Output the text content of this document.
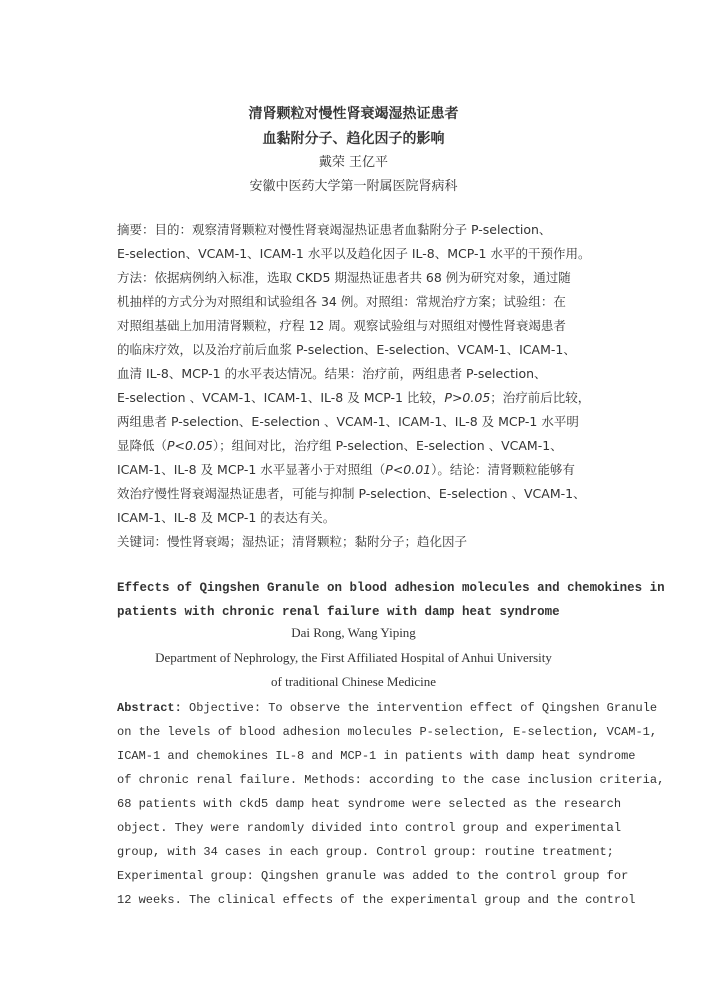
清肾颗粒对慢性肾衰竭湿热证患者
血黏附分子、趋化因子的影响
戴荣 王亿平
安徽中医药大学第一附属医院肾病科
摘要：目的：观察清肾颗粒对慢性肾衰竭湿热证患者血黏附分子 P-selection、
E-selection、VCAM-1、ICAM-1 水平以及趋化因子 IL-8、MCP-1 水平的干预作用。
方法：依据病例纳入标准，选取 CKD5 期湿热证患者共 68 例为研究对象，通过随
机抽样的方式分为对照组和试验组各 34 例。对照组：常规治疗方案；试验组：在
对照组基础上加用清肾颗粒，疗程 12 周。观察试验组与对照组对慢性肾衰竭患者
的临床疗效，以及治疗前后血浆 P-selection、E-selection、VCAM-1、ICAM-1、
血清 IL-8、MCP-1 的水平表达情况。结果：治疗前，两组患者 P-selection、
E-selection 、VCAM-1、ICAM-1、IL-8 及 MCP-1 比较，P>0.05；治疗前后比较，
两组患者 P-selection、E-selection 、VCAM-1、ICAM-1、IL-8 及 MCP-1 水平明
显降低（P<0.05）；组间对比，治疗组 P-selection、E-selection 、VCAM-1、
ICAM-1、IL-8 及 MCP-1 水平显著小于对照组（P<0.01）。结论：清肾颗粒能够有
效治疗慢性肾衰竭湿热证患者，可能与抑制 P-selection、E-selection 、VCAM-1、
ICAM-1、IL-8 及 MCP-1 的表达有关。
关键词：慢性肾衰竭；湿热证；清肾颗粒；黏附分子；趋化因子
Effects of Qingshen Granule on blood adhesion molecules and chemokines in
patients with chronic renal failure with damp heat syndrome
Dai Rong, Wang Yiping
Department of Nephrology, the First Affiliated Hospital of Anhui University
of traditional Chinese Medicine
Abstract: Objective: To observe the intervention effect of Qingshen Granule
on the levels of blood adhesion molecules P-selection, E-selection, VCAM-1,
ICAM-1 and chemokines IL-8 and MCP-1 in patients with damp heat syndrome
of chronic renal failure. Methods: according to the case inclusion criteria,
68 patients with ckd5 damp heat syndrome were selected as the research
object. They were randomly divided into control group and experimental
group, with 34 cases in each group. Control group: routine treatment;
Experimental group: Qingshen granule was added to the control group for
12 weeks. The clinical effects of the experimental group and the control
